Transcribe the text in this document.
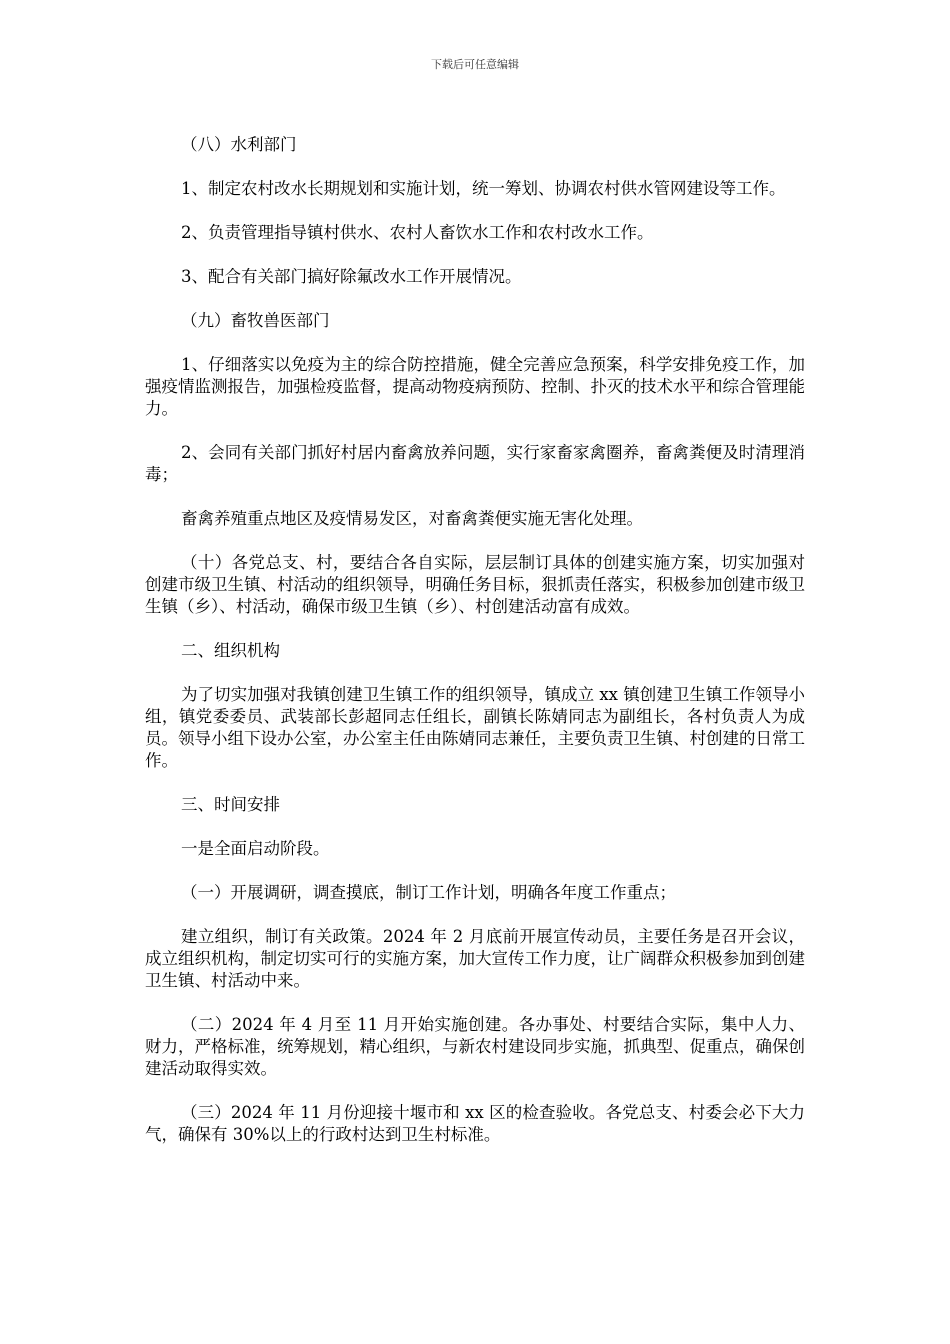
下载后可任意编辑

（八）水利部门

1、制定农村改水长期规划和实施计划，统一筹划、协调农村供水管网建设等工作。

2、负责管理指导镇村供水、农村人畜饮水工作和农村改水工作。

3、配合有关部门搞好除氟改水工作开展情况。

（九）畜牧兽医部门

1、仔细落实以免疫为主的综合防控措施，健全完善应急预案，科学安排免疫工作，加强疫情监测报告，加强检疫监督，提高动物疫病预防、控制、扑灭的技术水平和综合管理能力。

2、会同有关部门抓好村居内畜禽放养问题，实行家畜家禽圈养，畜禽粪便及时清理消毒；

畜禽养殖重点地区及疫情易发区，对畜禽粪便实施无害化处理。

（十）各党总支、村，要结合各自实际，层层制订具体的创建实施方案，切实加强对创建市级卫生镇、村活动的组织领导，明确任务目标，狠抓责任落实，积极参加创建市级卫生镇（乡）、村活动，确保市级卫生镇（乡）、村创建活动富有成效。

二、组织机构

为了切实加强对我镇创建卫生镇工作的组织领导，镇成立 xx 镇创建卫生镇工作领导小组，镇党委委员、武装部长彭超同志任组长，副镇长陈婧同志为副组长，各村负责人为成员。领导小组下设办公室，办公室主任由陈婧同志兼任，主要负责卫生镇、村创建的日常工作。

三、时间安排

一是全面启动阶段。

（一）开展调研，调查摸底，制订工作计划，明确各年度工作重点；

建立组织，制订有关政策。2024 年 2 月底前开展宣传动员，主要任务是召开会议，成立组织机构，制定切实可行的实施方案，加大宣传工作力度，让广阔群众积极参加到创建卫生镇、村活动中来。

（二）2024 年 4 月至 11 月开始实施创建。各办事处、村要结合实际，集中人力、财力，严格标准，统筹规划，精心组织，与新农村建设同步实施，抓典型、促重点，确保创建活动取得实效。

（三）2024 年 11 月份迎接十堰市和 xx 区的检查验收。各党总支、村委会必下大力气，确保有 30%以上的行政村达到卫生村标准。
